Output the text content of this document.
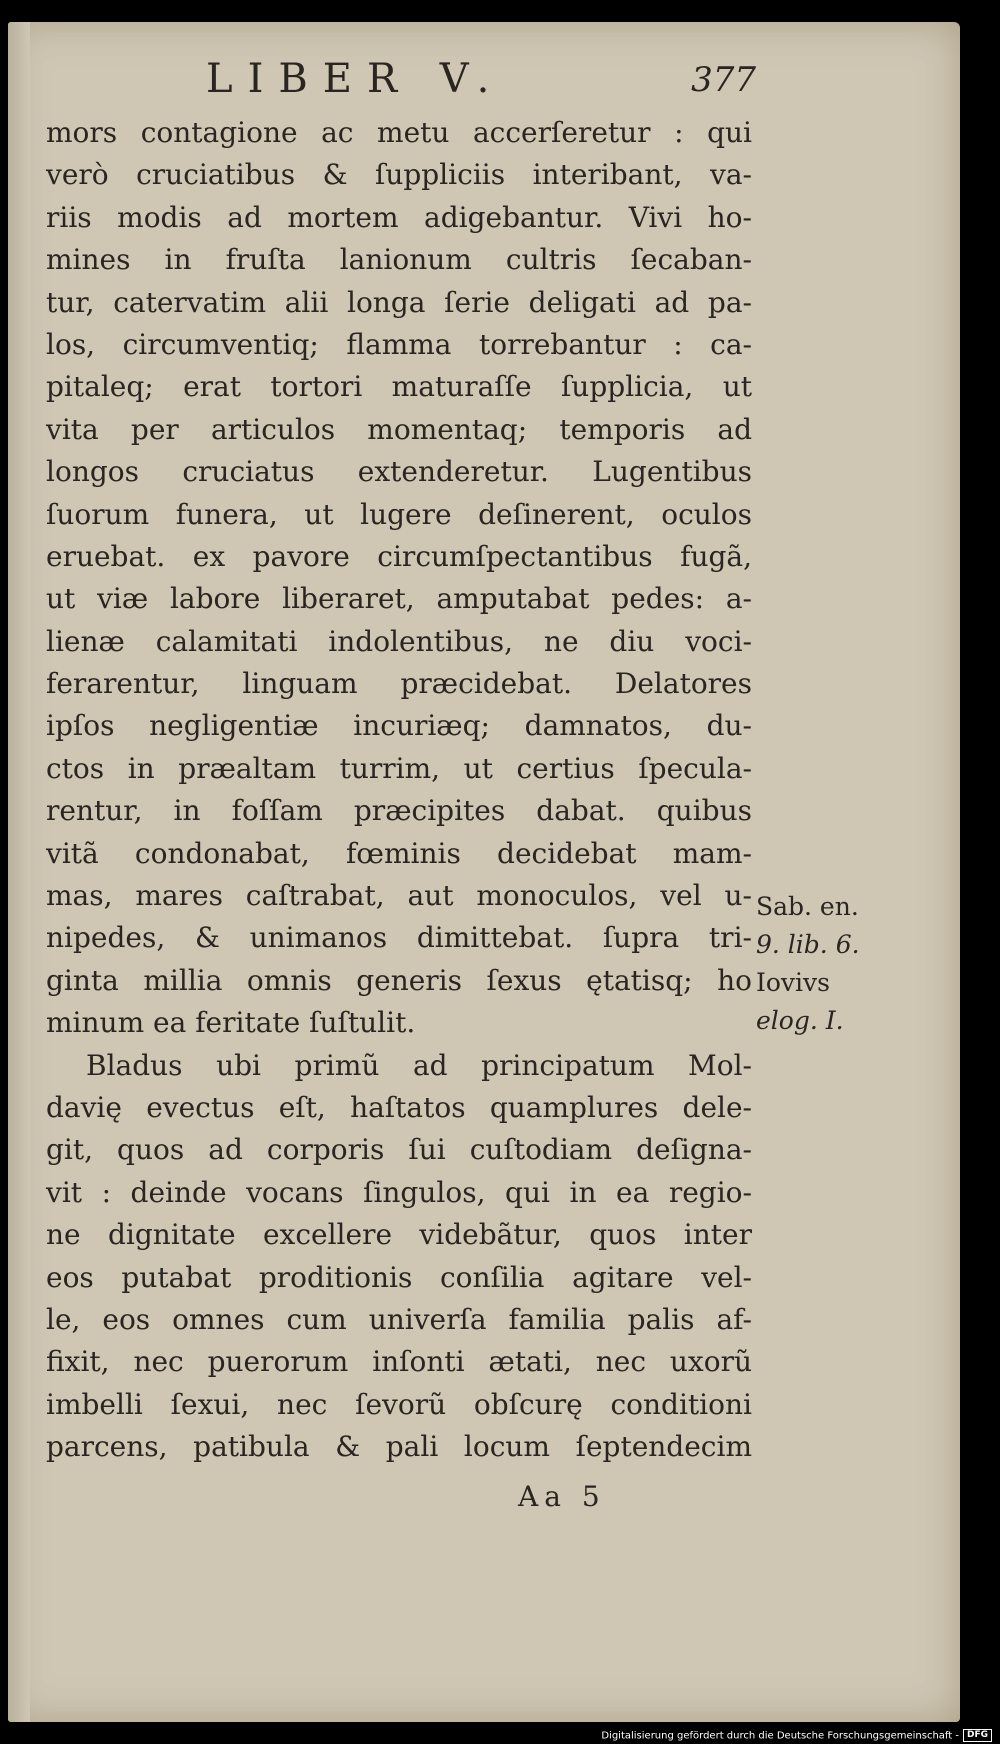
LIBER V.	377
mors contagione ac metu accerſeretur : qui
verò cruciatibus & ſuppliciis interibant, va-
riis modis ad mortem adigebantur. Vivi ho-
mines in fruſta lanionum cultris ſecaban-
tur, catervatim alii longa ſerie deligati ad pa-
los, circumventiq; flamma torrebantur : ca-
pitaleq; erat tortori maturaſſe ſupplicia, ut
vita per articulos momentaq; temporis ad
longos cruciatus extenderetur. Lugentibus
ſuorum funera, ut lugere deſinerent, oculos
eruebat. ex pavore circumſpectantibus fugã,
ut viæ labore liberaret, amputabat pedes: a-
lienæ calamitati indolentibus, ne diu voci-
ferarentur, linguam præcidebat. Delatores
ipſos negligentiæ incuriæq; damnatos, du-
ctos in præaltam turrim, ut certius ſpecula-
rentur, in foſſam præcipites dabat. quibus
vitã condonabat, fœminis decidebat mam-
mas, mares caſtrabat, aut monoculos, vel u-
nipedes, & unimanos dimittebat. ſupra tri-
ginta millia omnis generis ſexus ętatisq; ho
minum ea feritate ſuſtulit.
Bladus ubi primũ ad principatum Mol-
davię evectus eſt, haſtatos quamplures dele-
git, quos ad corporis ſui cuſtodiam deſigna-
vit : deinde vocans ſingulos, qui in ea regio-
ne dignitate excellere videbãtur, quos inter
eos putabat proditionis conſilia agitare vel-
le, eos omnes cum univerſa familia palis af-
fixit, nec puerorum inſonti ætati, nec uxorũ
imbelli ſexui, nec ſevorũ obſcurę conditioni
parcens, patibula & pali locum ſeptendecim
Sab. en.
9. lib. 6.
Iovivs
elog. I.
Aa 5
Digitalisierung gefördert durch die Deutsche Forschungsgemeinschaft - DFG
